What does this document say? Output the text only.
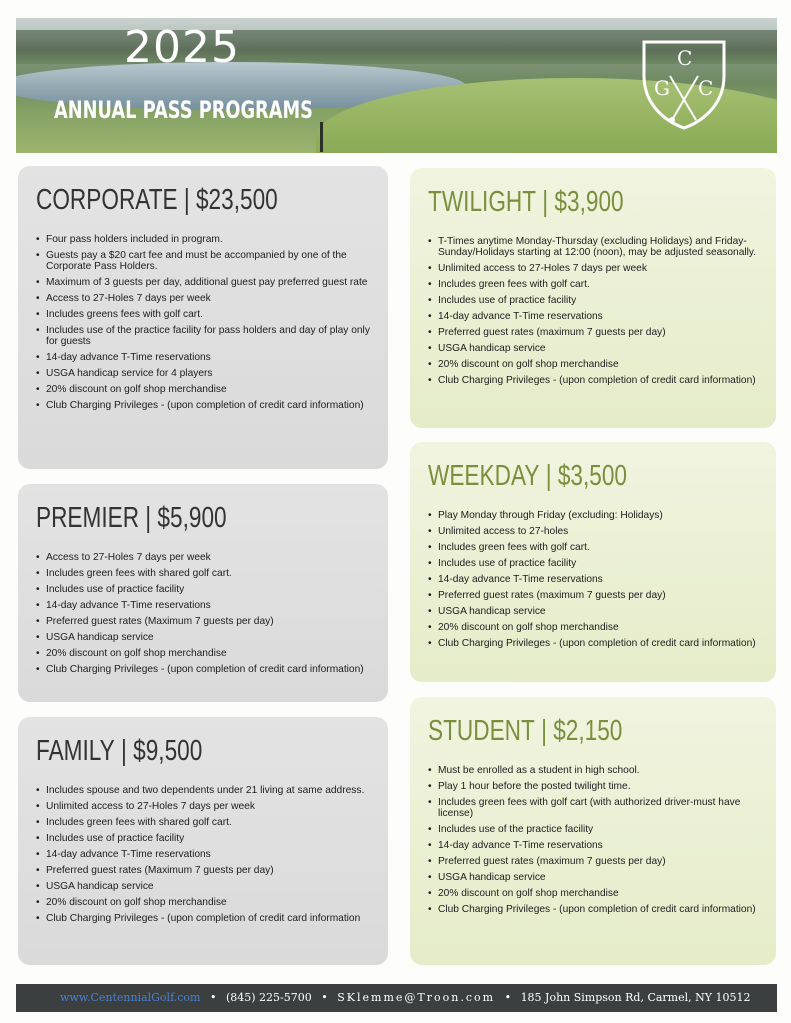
2025
ANNUAL PASS PROGRAMS
C
G C
CORPORATE | $23,500
• Four pass holders included in program.
• Guests pay a $20 cart fee and must be accompanied by one of the Corporate Pass Holders.
• Maximum of 3 guests per day, additional guest pay preferred guest rate
• Access to 27-Holes 7 days per week
• Includes greens fees with golf cart.
• Includes use of the practice facility for pass holders and day of play only for guests
• 14-day advance T-Time reservations
• USGA handicap service for 4 players
• 20% discount on golf shop merchandise
• Club Charging Privileges - (upon completion of credit card information)
TWILIGHT | $3,900
• T-Times anytime Monday-Thursday (excluding Holidays) and Friday-Sunday/Holidays starting at 12:00 (noon), may be adjusted seasonally.
• Unlimited access to 27-Holes 7 days per week
• Includes green fees with golf cart.
• Includes use of practice facility
• 14-day advance T-Time reservations
• Preferred guest rates (maximum 7 guests per day)
• USGA handicap service
• 20% discount on golf shop merchandise
• Club Charging Privileges - (upon completion of credit card information)
PREMIER | $5,900
• Access to 27-Holes 7 days per week
• Includes green fees with shared golf cart.
• Includes use of practice facility
• 14-day advance T-Time reservations
• Preferred guest rates (Maximum 7 guests per day)
• USGA handicap service
• 20% discount on golf shop merchandise
• Club Charging Privileges - (upon completion of credit card information)
WEEKDAY | $3,500
• Play Monday through Friday (excluding: Holidays)
• Unlimited access to 27-holes
• Includes green fees with golf cart.
• Includes use of practice facility
• 14-day advance T-Time reservations
• Preferred guest rates (maximum 7 guests per day)
• USGA handicap service
• 20% discount on golf shop merchandise
• Club Charging Privileges - (upon completion of credit card information)
FAMILY | $9,500
• Includes spouse and two dependents under 21 living at same address.
• Unlimited access to 27-Holes 7 days per week
• Includes green fees with shared golf cart.
• Includes use of practice facility
• 14-day advance T-Time reservations
• Preferred guest rates (Maximum 7 guests per day)
• USGA handicap service
• 20% discount on golf shop merchandise
• Club Charging Privileges - (upon completion of credit card information
STUDENT | $2,150
• Must be enrolled as a student in high school.
• Play 1 hour before the posted twilight time.
• Includes green fees with golf cart (with authorized driver-must have license)
• Includes use of the practice facility
• 14-day advance T-Time reservations
• Preferred guest rates (maximum 7 guests per day)
• USGA handicap service
• 20% discount on golf shop merchandise
• Club Charging Privileges - (upon completion of credit card information)
www.CentennialGolf.com • (845) 225-5700 • SKlemme@Troon.com • 185 John Simpson Rd, Carmel, NY 10512
